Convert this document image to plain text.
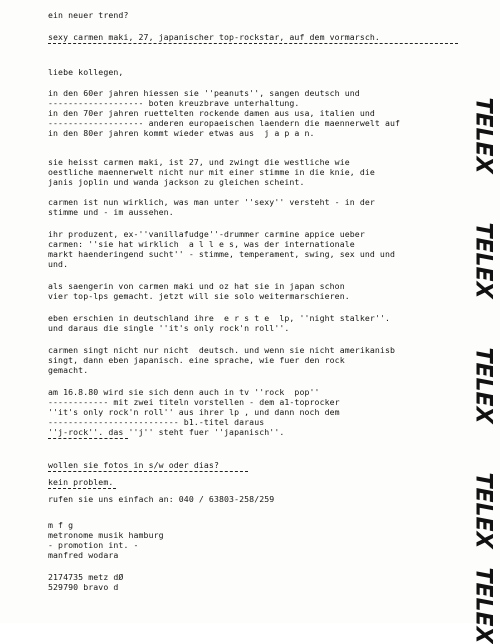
ein neuer trend?
sexy carmen maki, 27, japanischer top-rockstar, auf dem vormarsch.
liebe kollegen,
in den 60er jahren hiessen sie ''peanuts'', sangen deutsch und
------------------- boten kreuzbrave unterhaltung.
in den 70er jahren ruettelten rockende damen aus usa, italien und
------------------- anderen europaeischen laendern die maennerwelt auf
in den 80er jahren kommt wieder etwas aus  j a p a n.
sie heisst carmen maki, ist 27, und zwingt die westliche wie
oestliche maennerwelt nicht nur mit einer stimme in die knie, die
janis joplin und wanda jackson zu gleichen scheint.
carmen ist nun wirklich, was man unter ''sexy'' versteht - in der
stimme und - im aussehen.
ihr produzent, ex-''vanillafudge''-drummer carmine appice ueber
carmen: ''sie hat wirklich  a l l e s, was der internationale
markt haenderingend sucht'' - stimme, temperament, swing, sex und und
und.
als saengerin von carmen maki und oz hat sie in japan schon
vier top-lps gemacht. jetzt will sie solo weitermarschieren.
eben erschien in deutschland ihre  e r s t e  lp, ''night stalker''.
und daraus die single ''it's only rock'n roll''.
carmen singt nicht nur nicht  deutsch. und wenn sie nicht amerikanisb
singt, dann eben japanisch. eine sprache, wie fuer den rock
gemacht.
am 16.8.80 wird sie sich denn auch in tv ''rock  pop''
------------ mit zwei titeln vorstellen - dem a1-toprocker
''it's only rock'n roll'' aus ihrer lp , und dann noch dem
-------------------------- b1.-titel daraus
''j-rock''. das ''j'' steht fuer ''japanisch''.
wollen sie fotos in s/w oder dias?
kein problem.
rufen sie uns einfach an: 040 / 63803-258/259
m f g
metronome musik hamburg
- promotion int. -
manfred wodara
2174735 metz dØ
529790 bravo d
TELEX
TELEX
TELEX
TELEX
TELEX
